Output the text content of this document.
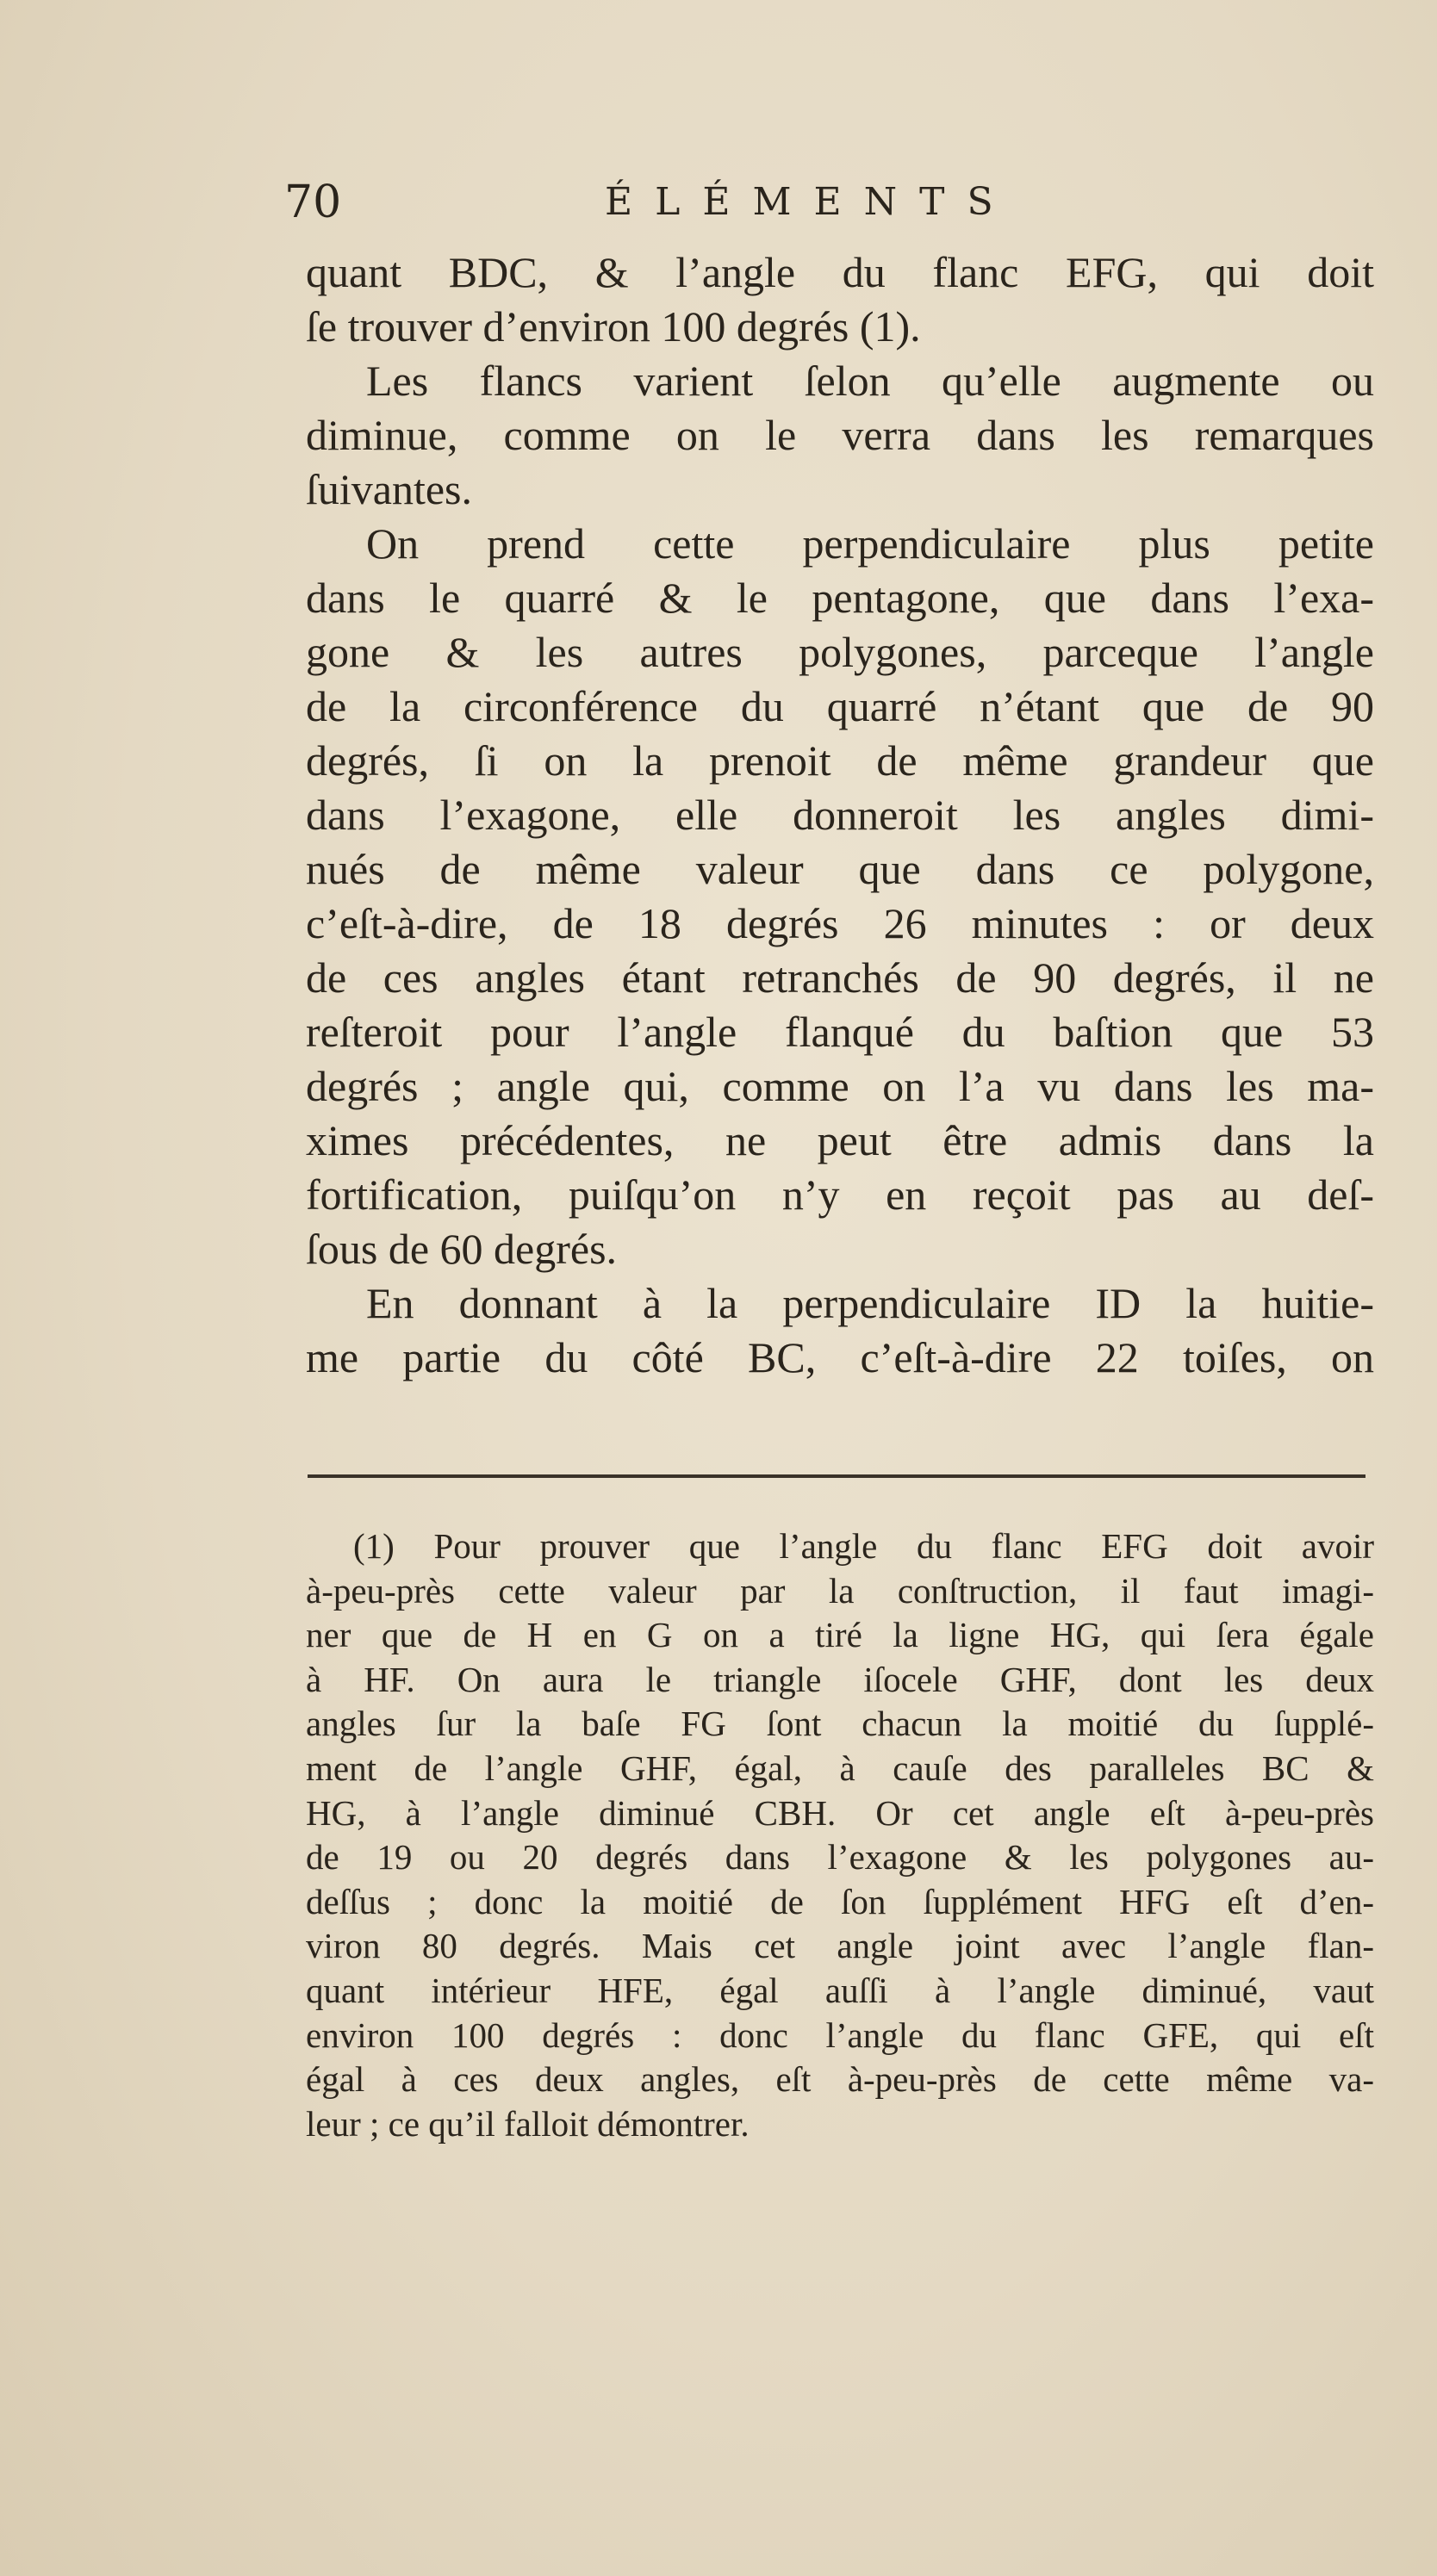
70	ÉLÉMENTS
quant BDC, & l’angle du flanc EFG, qui doit
ſe trouver d’environ 100 degrés (1).
Les flancs varient ſelon qu’elle augmente ou
diminue, comme on le verra dans les remarques
ſuivantes.
On prend cette perpendiculaire plus petite
dans le quarré & le pentagone, que dans l’exa-
gone & les autres polygones, parceque l’angle
de la circonférence du quarré n’étant que de 90
degrés, ſi on la prenoit de même grandeur que
dans l’exagone, elle donneroit les angles dimi-
nués de même valeur que dans ce polygone,
c’eſt-à-dire, de 18 degrés 26 minutes : or deux
de ces angles étant retranchés de 90 degrés, il ne
reſteroit pour l’angle flanqué du baſtion que 53
degrés ; angle qui, comme on l’a vu dans les ma-
ximes précédentes, ne peut être admis dans la
fortification, puiſqu’on n’y en reçoit pas au deſ-
ſous de 60 degrés.
En donnant à la perpendiculaire ID la huitie-
me partie du côté BC, c’eſt-à-dire 22 toiſes, on
(1) Pour prouver que l’angle du flanc EFG doit avoir
à-peu-près cette valeur par la conſtruction, il faut imagi-
ner que de H en G on a tiré la ligne HG, qui ſera égale
à HF. On aura le triangle iſocele GHF, dont les deux
angles ſur la baſe FG ſont chacun la moitié du ſupplé-
ment de l’angle GHF, égal, à cauſe des paralleles BC &
HG, à l’angle diminué CBH. Or cet angle eſt à-peu-près
de 19 ou 20 degrés dans l’exagone & les polygones au-
deſſus ; donc la moitié de ſon ſupplément HFG eſt d’en-
viron 80 degrés. Mais cet angle joint avec l’angle flan-
quant intérieur HFE, égal auſſi à l’angle diminué, vaut
environ 100 degrés : donc l’angle du flanc GFE, qui eſt
égal à ces deux angles, eſt à-peu-près de cette même va-
leur ; ce qu’il falloit démontrer.
